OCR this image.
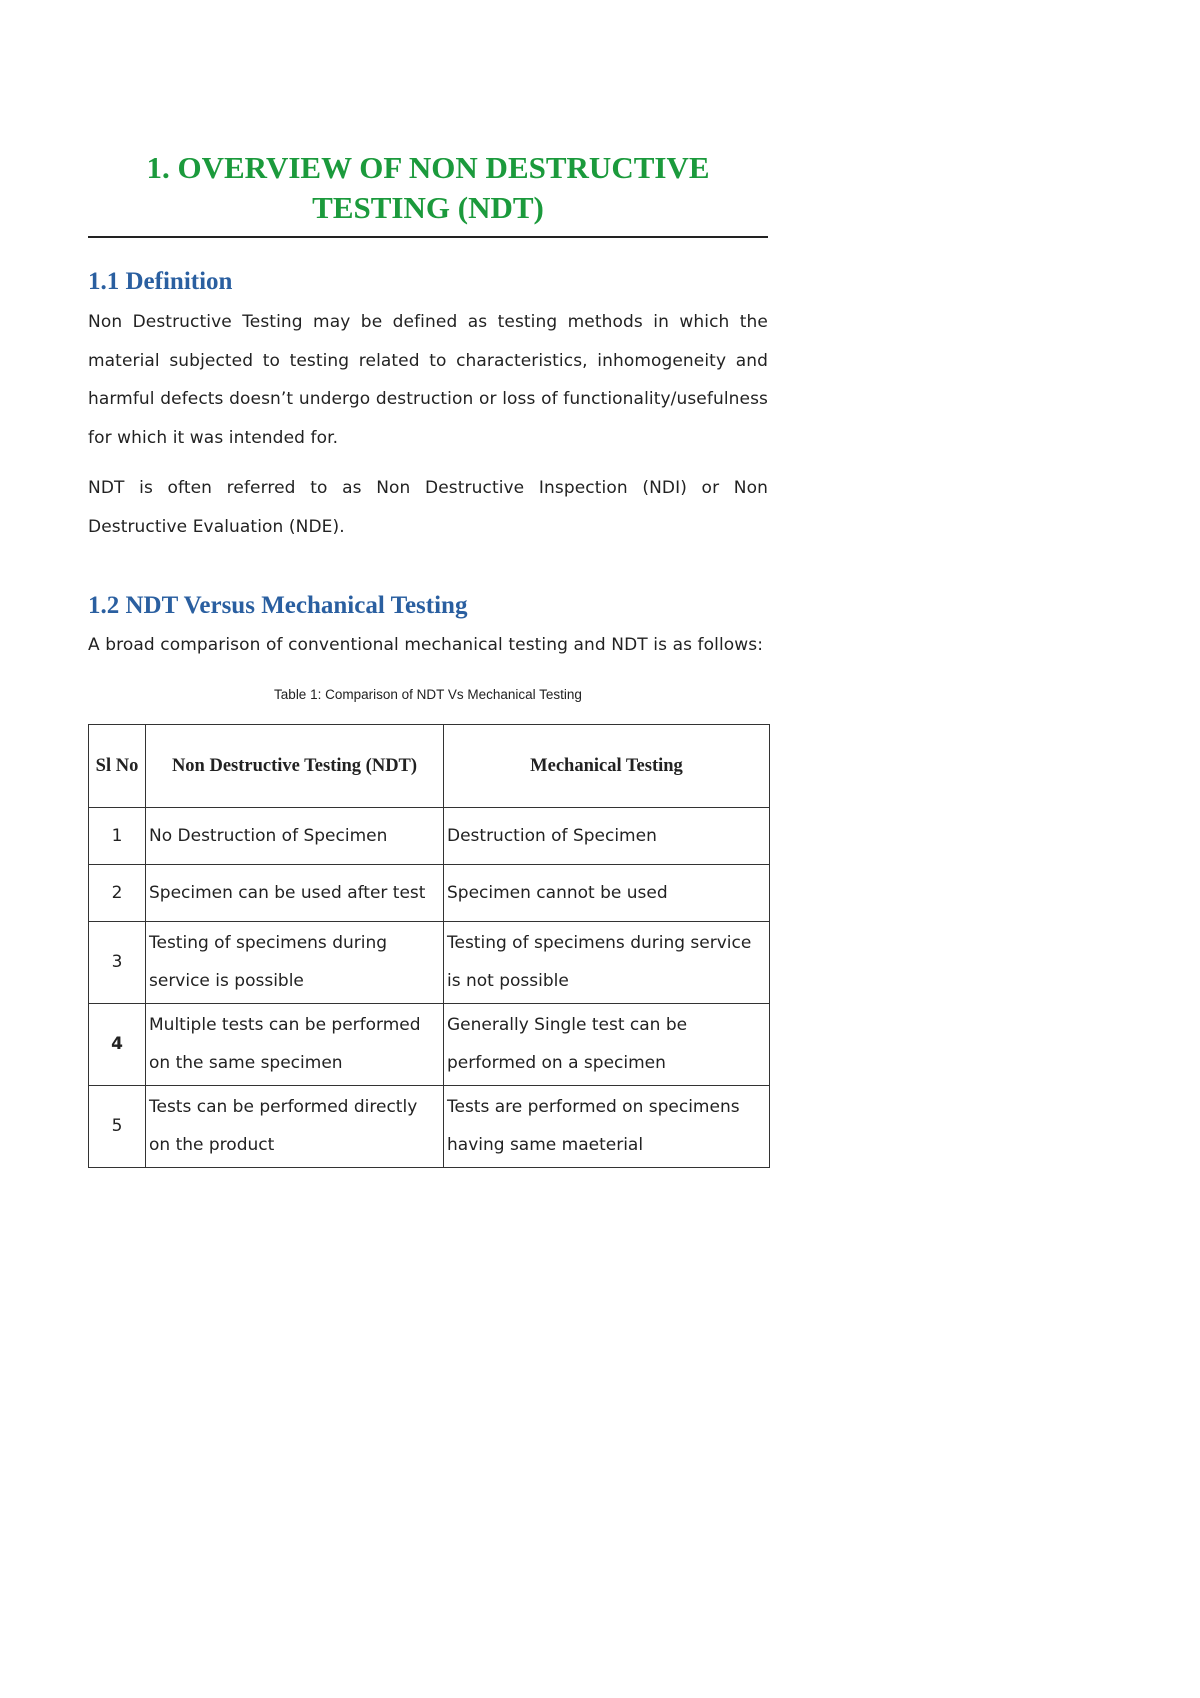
1. OVERVIEW OF NON DESTRUCTIVE
TESTING (NDT)
1.1 Definition

Non Destructive Testing may be defined as testing methods in which the material subjected to testing related to characteristics, inhomogeneity and harmful defects doesn’t undergo destruction or loss of functionality/usefulness for which it was intended for.

NDT is often referred to as Non Destructive Inspection (NDI) or Non Destructive Evaluation (NDE).

1.2 NDT Versus Mechanical Testing

A broad comparison of conventional mechanical testing and NDT is as follows:

Table 1: Comparison of NDT Vs Mechanical Testing

Sl No	Non Destructive Testing (NDT)	Mechanical Testing
1	No Destruction of Specimen	Destruction of Specimen
2	Specimen can be used after test	Specimen cannot be used
3	Testing of specimens during service is possible	Testing of specimens during service is not possible
4	Multiple tests can be performed on the same specimen	Generally Single test can be performed on a specimen
5	Tests can be performed directly on the product	Tests are performed on specimens having same maeterial
